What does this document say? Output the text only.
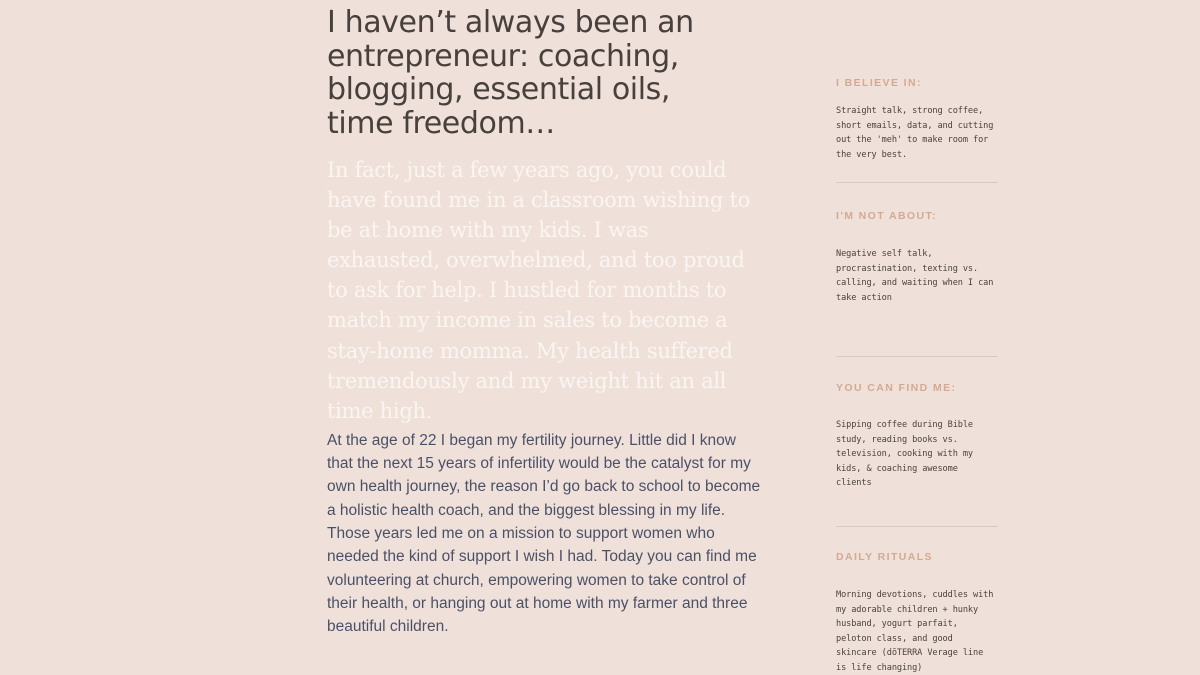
I haven’t always been an entrepreneur: coaching, blogging, essential oils, time freedom…

In fact, just a few years ago, you could have found me in a classroom wishing to be at home with my kids. I was exhausted, overwhelmed, and too proud to ask for help. I hustled for months to match my income in sales to become a stay-home momma. My health suffered tremendously and my weight hit an all time high.

At the age of 22 I began my fertility journey. Little did I know that the next 15 years of infertility would be the catalyst for my own health journey, the reason I’d go back to school to become a holistic health coach, and the biggest blessing in my life. Those years led me on a mission to support women who needed the kind of support I wish I had. Today you can find me volunteering at church, empowering women to take control of their health, or hanging out at home with my farmer and three beautiful children.

I BELIEVE IN:
Straight talk, strong coffee, short emails, data, and cutting out the 'meh' to make room for the very best.
I'M NOT ABOUT:
Negative self talk, procrastination, texting vs. calling, and waiting when I can take action
YOU CAN FIND ME:
Sipping coffee during Bible study, reading books vs. television, cooking with my kids, & coaching awesome clients
DAILY RITUALS
Morning devotions, cuddles with my adorable children + hunky husband, yogurt parfait, peloton class, and good skincare (dōTERRA Verage line is life changing)
